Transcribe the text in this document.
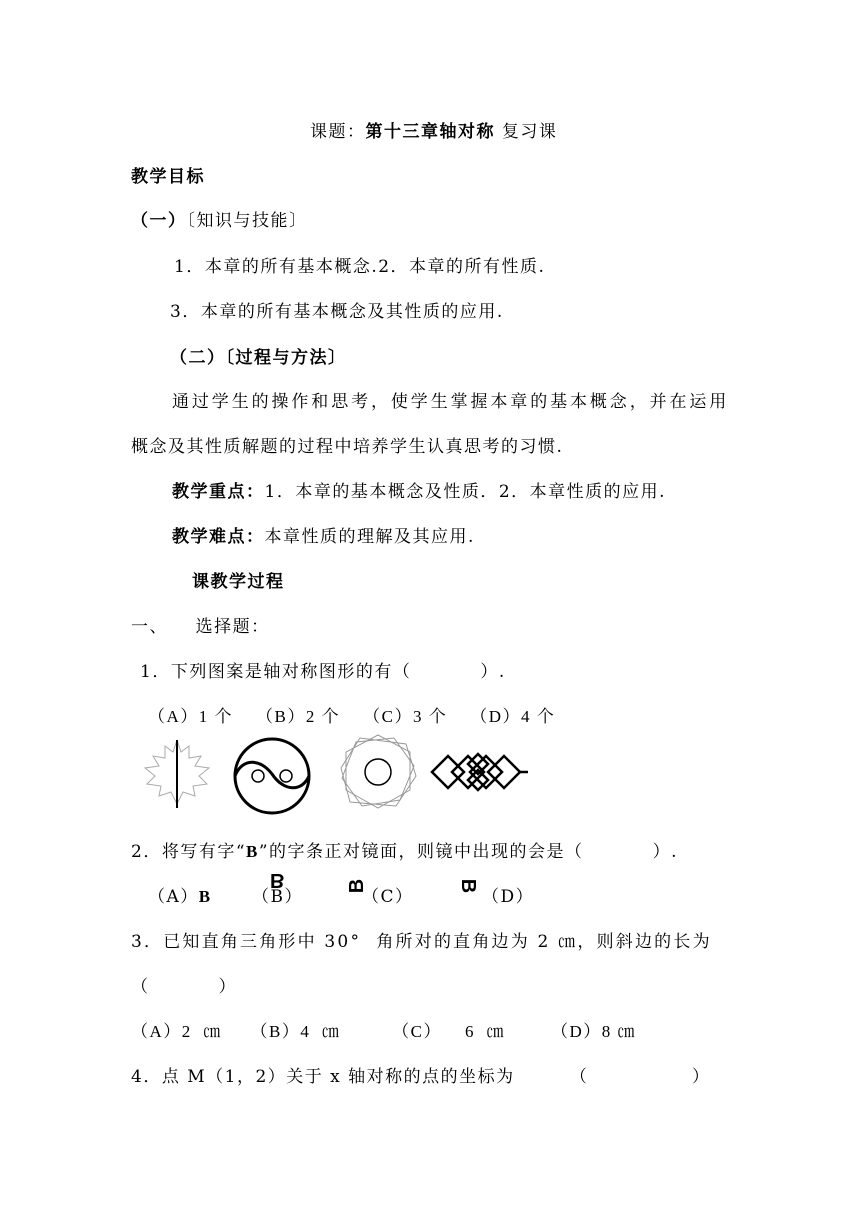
课题：第十三章轴对称 复习课
教学目标
（一）〔知识与技能〕
1．本章的所有基本概念.2．本章的所有性质.
3．本章的所有基本概念及其性质的应用.
（二）〔过程与方法〕
通过学生的操作和思考，使学生掌握本章的基本概念，并在运用
概念及其性质解题的过程中培养学生认真思考的习惯.
教学重点：1．本章的基本概念及性质．2．本章性质的应用.
教学难点：本章性质的理解及其应用.
课教学过程
一、    选择题：
1．下列图案是轴对称图形的有（          ）.
（A）1 个    （B）2 个    （C）3 个    （D）4 个
2．将写有字“B”的字条正对镜面，则镜中出现的会是（          ）.
（A）B （B）	（C）	（D）
B	B	B
3．已知直角三角形中 30°  角所对的直角边为 2 ㎝，则斜边的长为
（          ）
（A）2  ㎝     （B）4  ㎝         （C）    6  ㎝        （D）8 ㎝
4．点 M（1，2）关于 x 轴对称的点的坐标为        （               ）
